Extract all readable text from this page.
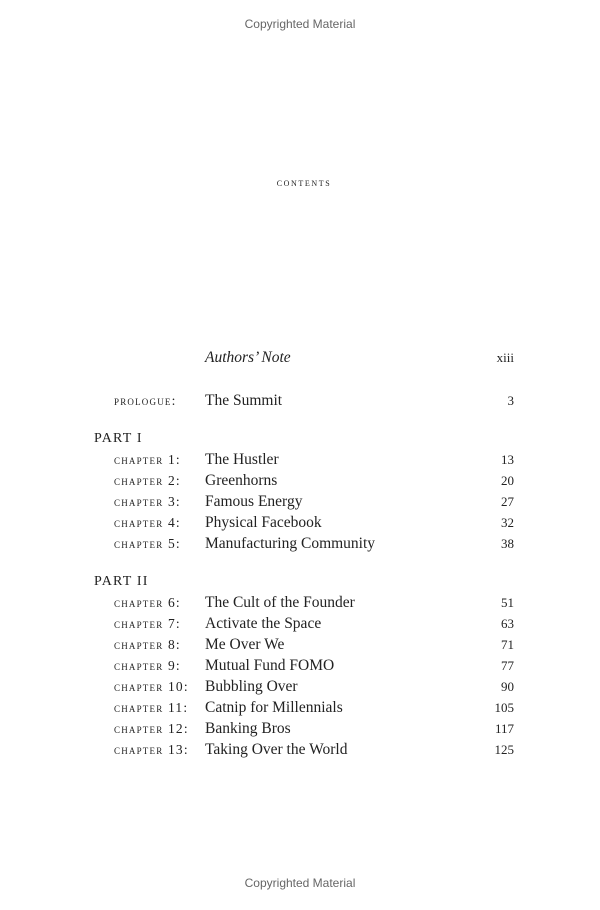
Copyrighted Material
contents
Authors’ Note	xiii
prologue: The Summit	3
PART I
chapter 1: The Hustler	13
chapter 2: Greenhorns	20
chapter 3: Famous Energy	27
chapter 4: Physical Facebook	32
chapter 5: Manufacturing Community	38
PART II
chapter 6: The Cult of the Founder	51
chapter 7: Activate the Space	63
chapter 8: Me Over We	71
chapter 9: Mutual Fund FOMO	77
chapter 10: Bubbling Over	90
chapter 11: Catnip for Millennials	105
chapter 12: Banking Bros	117
chapter 13: Taking Over the World	125
Copyrighted Material
